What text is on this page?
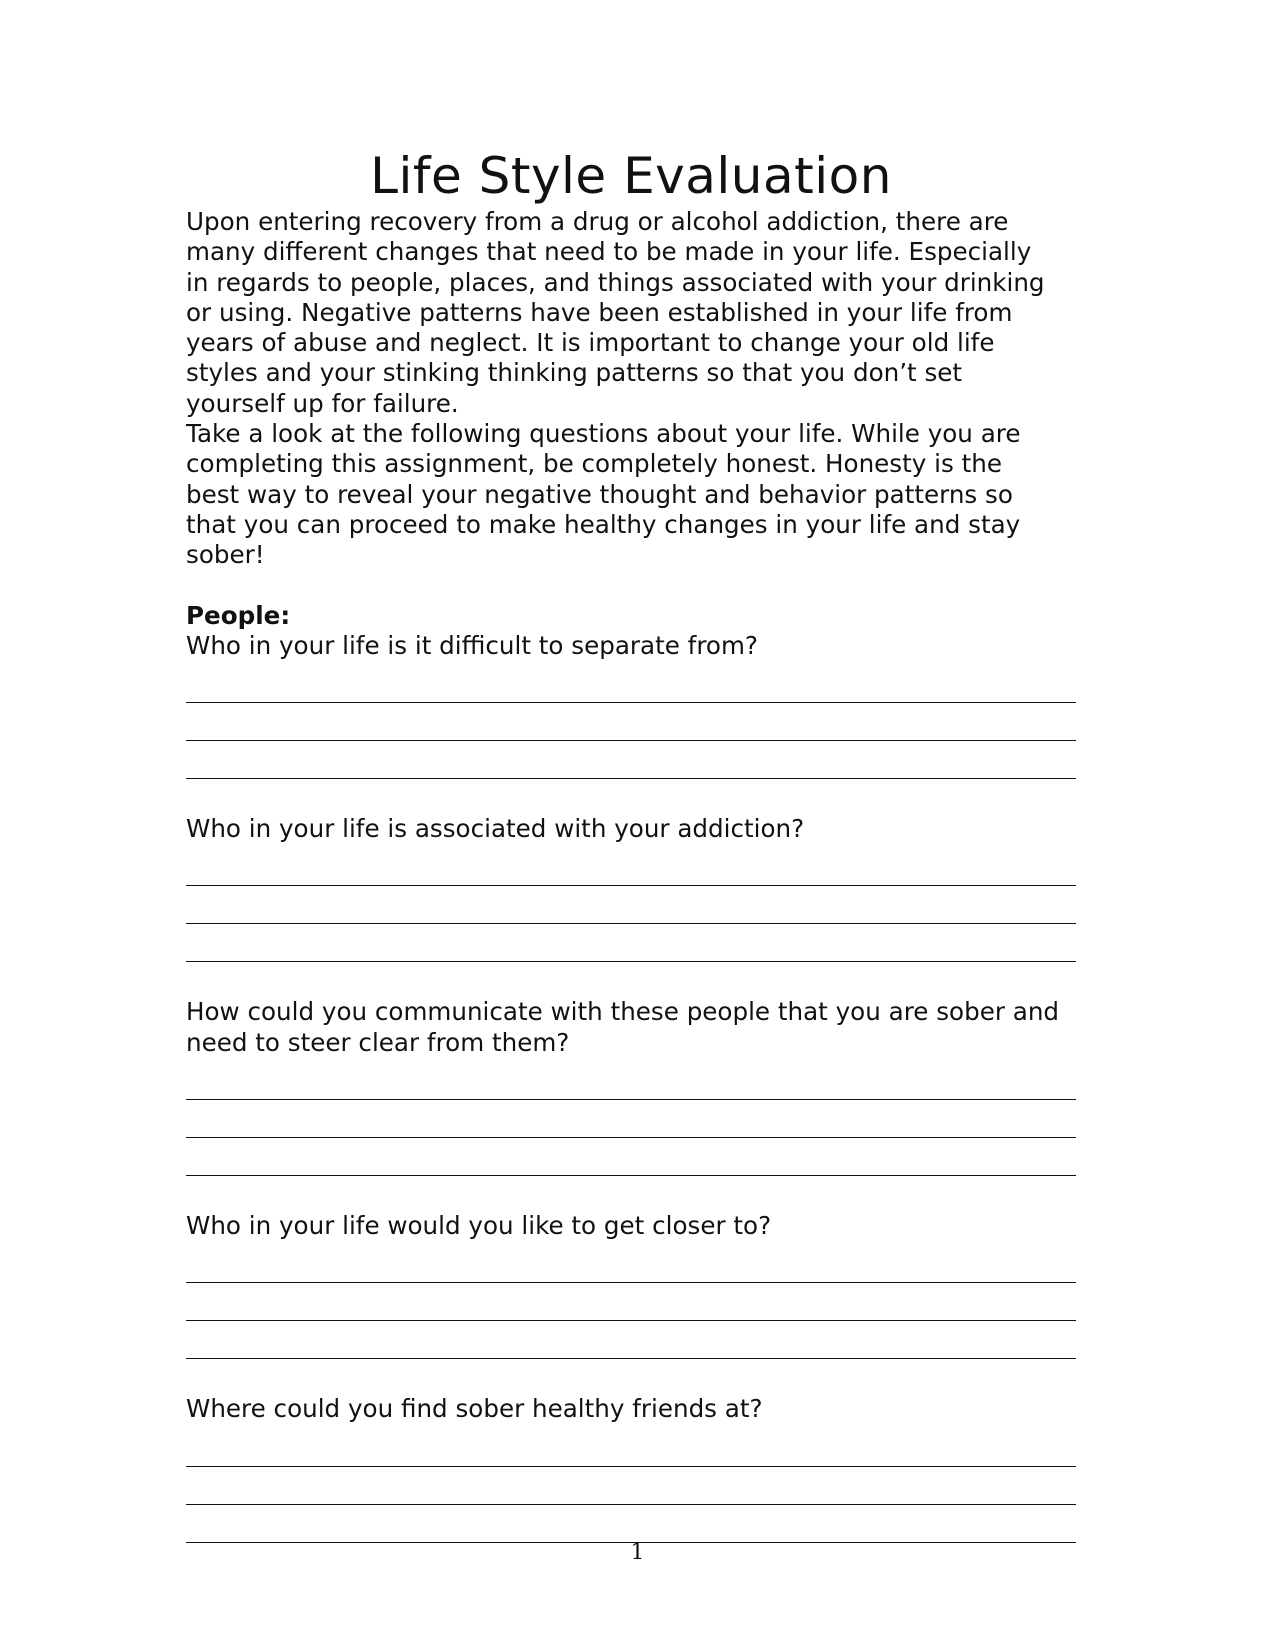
Life Style Evaluation

Upon entering recovery from a drug or alcohol addiction, there are

many different changes that need to be made in your life. Especially

in regards to people, places, and things associated with your drinking

or using. Negative patterns have been established in your life from

years of abuse and neglect. It is important to change your old life

styles and your stinking thinking patterns so that you don’t set

yourself up for failure.

Take a look at the following questions about your life. While you are

completing this assignment, be completely honest. Honesty is the

best way to reveal your negative thought and behavior patterns so

that you can proceed to make healthy changes in your life and stay

sober!

People:

Who in your life is it difficult to separate from?

Who in your life is associated with your addiction?

How could you communicate with these people that you are sober and

need to steer clear from them?

Who in your life would you like to get closer to?

Where could you find sober healthy friends at?

1
